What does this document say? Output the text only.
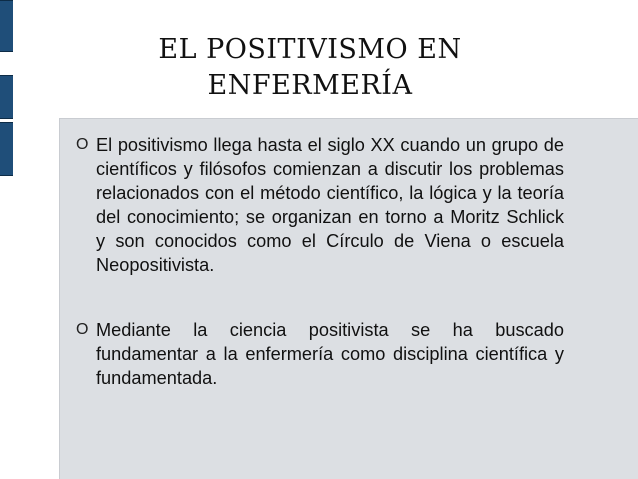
EL POSITIVISMO EN
ENFERMERÍA
O El positivismo llega hasta el siglo XX cuando un grupo de científicos y filósofos comienzan a discutir los problemas relacionados con el método científico, la lógica y la teoría del conocimiento; se organizan en torno a Moritz Schlick y son conocidos como el Círculo de Viena o escuela Neopositivista.
O Mediante la ciencia positivista se ha buscado fundamentar a la enfermería como disciplina científica y fundamentada.
